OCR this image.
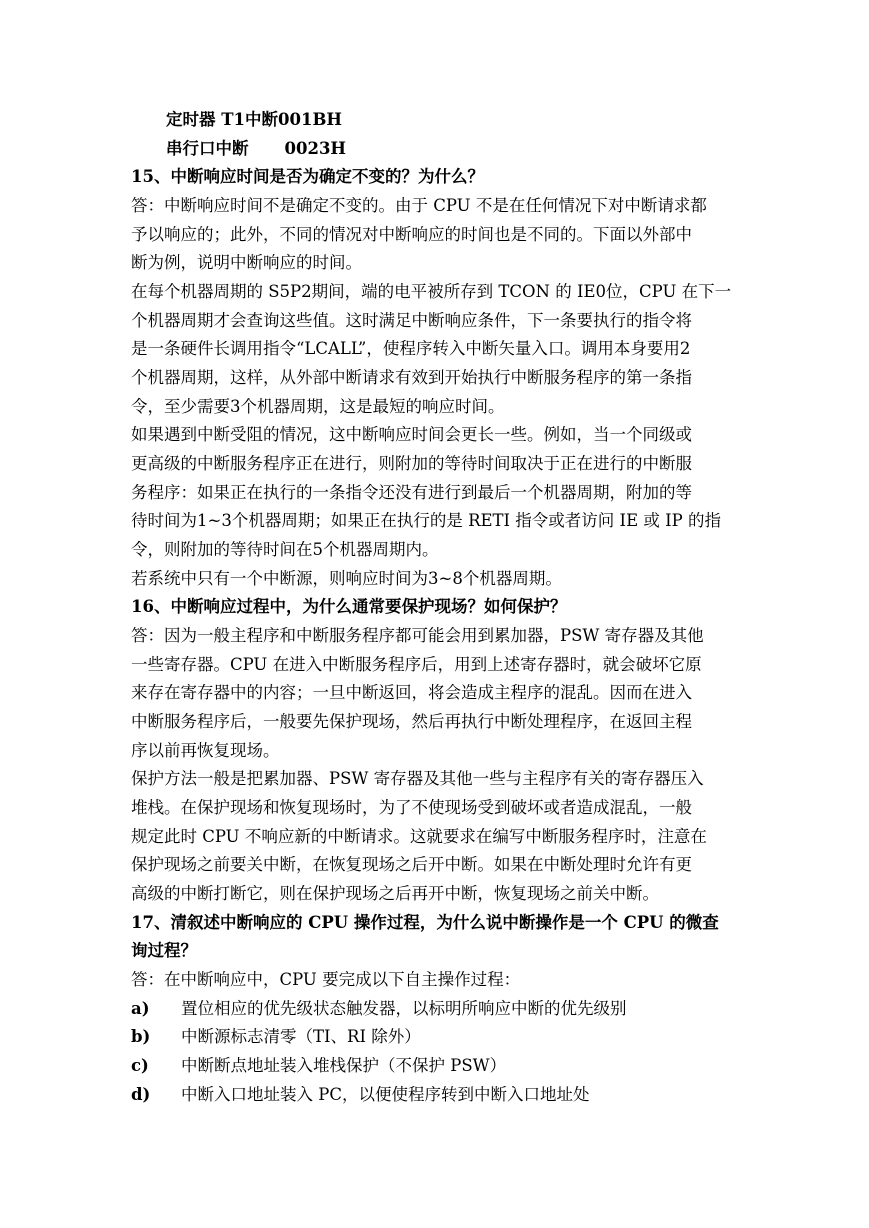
定时器 T1中断001BH
串行口中断 0023H
15、中断响应时间是否为确定不变的？为什么？
答：中断响应时间不是确定不变的。由于 CPU 不是在任何情况下对中断请求都
予以响应的；此外，不同的情况对中断响应的时间也是不同的。下面以外部中
断为例，说明中断响应的时间。
在每个机器周期的 S5P2期间，端的电平被所存到 TCON 的 IE0位，CPU 在下一
个机器周期才会查询这些值。这时满足中断响应条件，下一条要执行的指令将
是一条硬件长调用指令“LCALL”，使程序转入中断矢量入口。调用本身要用2
个机器周期，这样，从外部中断请求有效到开始执行中断服务程序的第一条指
令，至少需要3个机器周期，这是最短的响应时间。
如果遇到中断受阻的情况，这中断响应时间会更长一些。例如，当一个同级或
更高级的中断服务程序正在进行，则附加的等待时间取决于正在进行的中断服
务程序：如果正在执行的一条指令还没有进行到最后一个机器周期，附加的等
待时间为1~3个机器周期；如果正在执行的是 RETI 指令或者访问 IE 或 IP 的指
令，则附加的等待时间在5个机器周期内。
若系统中只有一个中断源，则响应时间为3~8个机器周期。
16、中断响应过程中，为什么通常要保护现场？如何保护？
答：因为一般主程序和中断服务程序都可能会用到累加器，PSW 寄存器及其他
一些寄存器。CPU 在进入中断服务程序后，用到上述寄存器时，就会破坏它原
来存在寄存器中的内容；一旦中断返回，将会造成主程序的混乱。因而在进入
中断服务程序后，一般要先保护现场，然后再执行中断处理程序，在返回主程
序以前再恢复现场。
保护方法一般是把累加器、PSW 寄存器及其他一些与主程序有关的寄存器压入
堆栈。在保护现场和恢复现场时，为了不使现场受到破坏或者造成混乱，一般
规定此时 CPU 不响应新的中断请求。这就要求在编写中断服务程序时，注意在
保护现场之前要关中断，在恢复现场之后开中断。如果在中断处理时允许有更
高级的中断打断它，则在保护现场之后再开中断，恢复现场之前关中断。
17、清叙述中断响应的 CPU 操作过程，为什么说中断操作是一个 CPU 的微查
询过程？
答：在中断响应中，CPU 要完成以下自主操作过程：
a) 置位相应的优先级状态触发器，以标明所响应中断的优先级别
b) 中断源标志清零（TI、RI 除外）
c) 中断断点地址装入堆栈保护（不保护 PSW）
d) 中断入口地址装入 PC，以便使程序转到中断入口地址处
